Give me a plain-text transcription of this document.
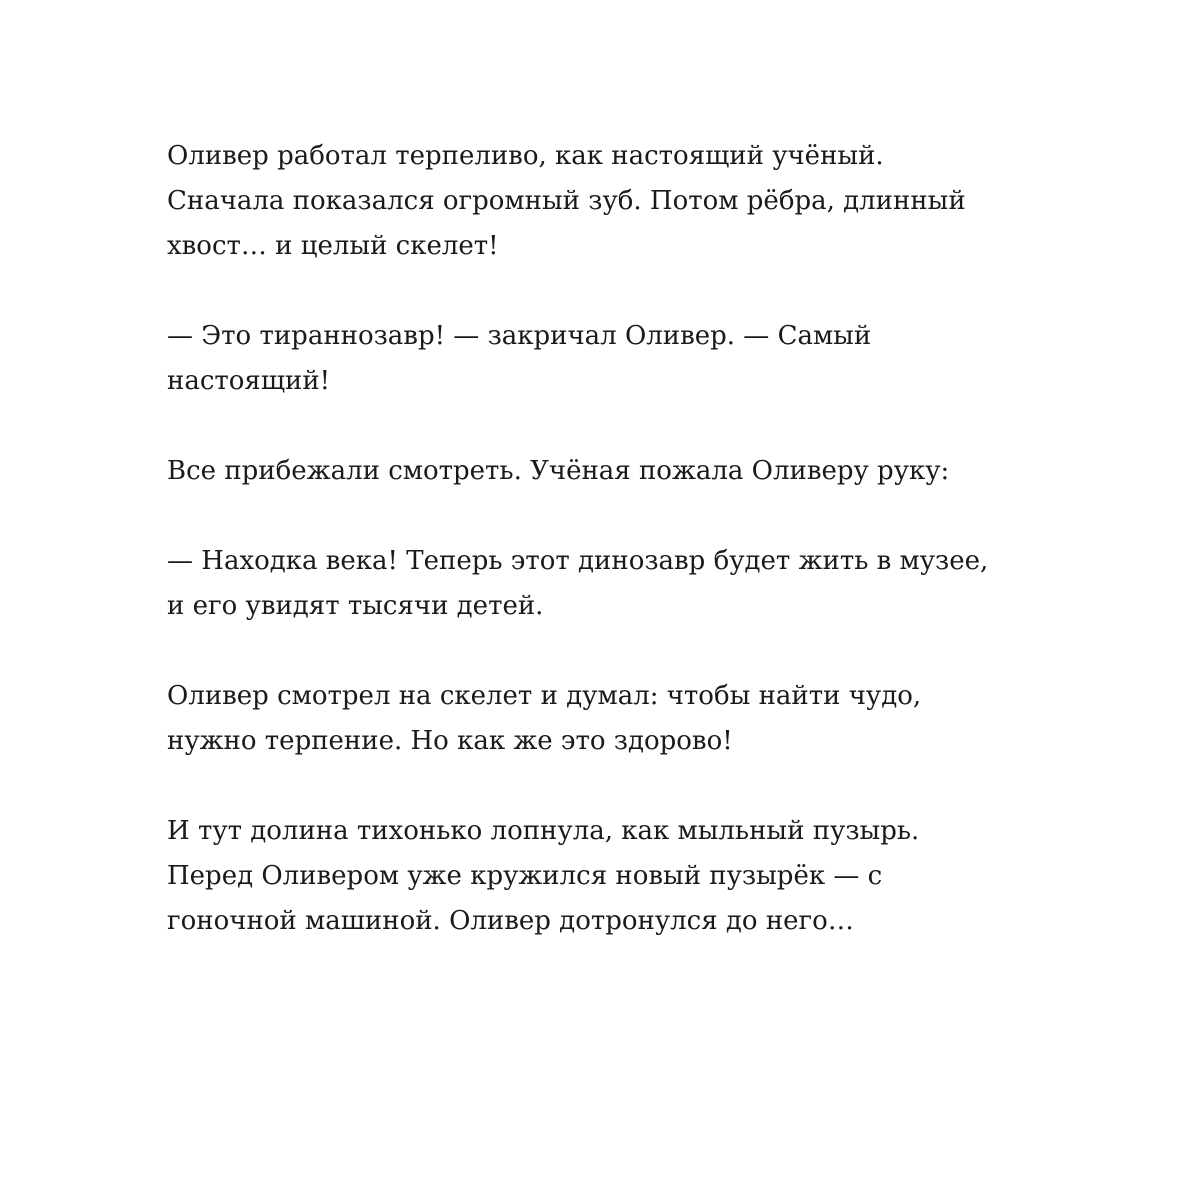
Оливер работал терпеливо, как настоящий учёный.
Сначала показался огромный зуб. Потом рёбра, длинный
хвост… и целый скелет!

— Это тираннозавр! — закричал Оливер. — Самый
настоящий!

Все прибежали смотреть. Учёная пожала Оливеру руку:

— Находка века! Теперь этот динозавр будет жить в музее,
и его увидят тысячи детей.

Оливер смотрел на скелет и думал: чтобы найти чудо,
нужно терпение. Но как же это здорово!

И тут долина тихонько лопнула, как мыльный пузырь.
Перед Оливером уже кружился новый пузырёк — с
гоночной машиной. Оливер дотронулся до него…
